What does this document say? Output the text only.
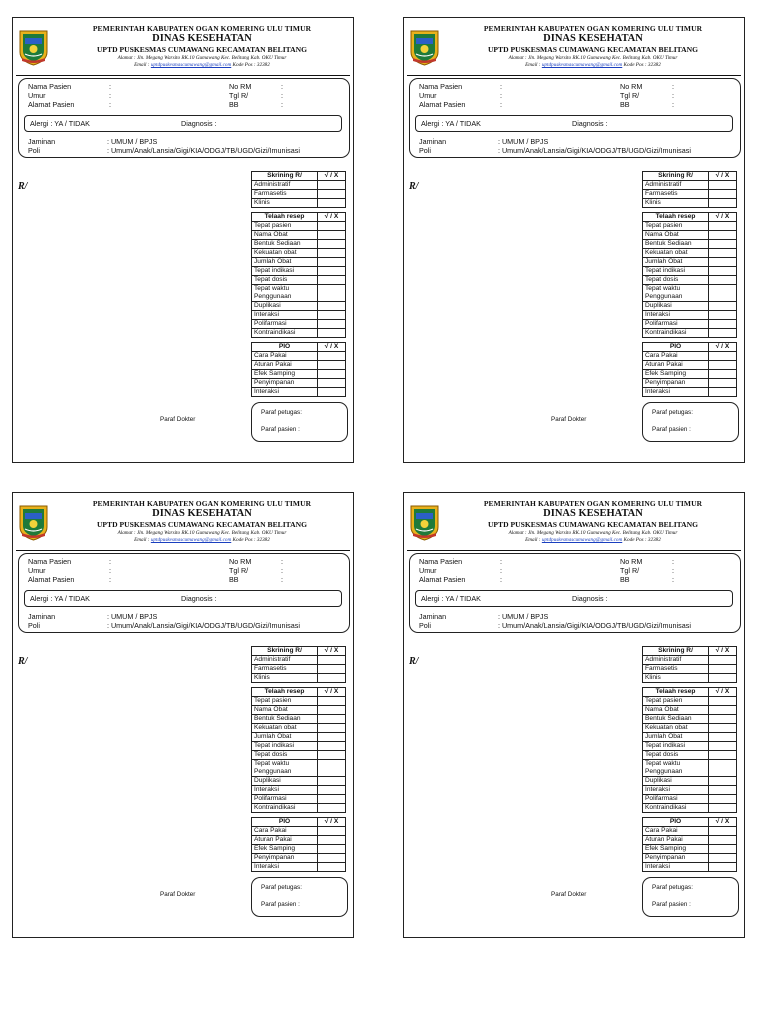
PEMERINTAH KABUPATEN OGAN KOMERING ULU TIMUR
DINAS KESEHATAN
UPTD PUSKESMAS CUMAWANG KECAMATAN BELITANG
Alamat : Jln. Megang Warsito RK.10 Gumawang Kec. Belitang Kab. OKU Timur
Email : uptdpuskesmascumawang@gmail.com Kode Pos : 32382
Nama Pasien	:
Umur	:
Alamat Pasien	:
No RM	:
Tgl R/	:
BB	:
Alergi : YA / TIDAK	Diagnosis :
Jaminan	: UMUM / BPJS
Poli	: Umum/Anak/Lansia/Gigi/KIA/ODGJ/TB/UGD/Gizi/Imunisasi
R/
Skrining R/	√ / X
Administratif	
Farmasetis	
Klinis	
Telaah resep	√ / X
Tepat pasien	
Nama Obat	
Bentuk Sediaan	
Kekuatan obat	
Jumlah Obat	
Tepat indikasi	
Tepat dosis	
Tepat waktu	
Penggunaan	
Duplikasi	
Interaksi	
Polifarmasi	
Kontraindikasi	
PIO	√ / X
Cara Pakai	
Aturan Pakai	
Efek Samping	
Penyimpanan	
Interaksi	
Paraf Dokter
Paraf petugas:
Paraf pasien :
PEMERINTAH KABUPATEN OGAN KOMERING ULU TIMUR
DINAS KESEHATAN
UPTD PUSKESMAS CUMAWANG KECAMATAN BELITANG
Alamat : Jln. Megang Warsito RK.10 Gumawang Kec. Belitang Kab. OKU Timur
Email : uptdpuskesmascumawang@gmail.com Kode Pos : 32382
Nama Pasien	:
Umur	:
Alamat Pasien	:
No RM	:
Tgl R/	:
BB	:
Alergi : YA / TIDAK	Diagnosis :
Jaminan	: UMUM / BPJS
Poli	: Umum/Anak/Lansia/Gigi/KIA/ODGJ/TB/UGD/Gizi/Imunisasi
R/
Skrining R/	√ / X
Administratif	
Farmasetis	
Klinis	
Telaah resep	√ / X
Tepat pasien	
Nama Obat	
Bentuk Sediaan	
Kekuatan obat	
Jumlah Obat	
Tepat indikasi	
Tepat dosis	
Tepat waktu	
Penggunaan	
Duplikasi	
Interaksi	
Polifarmasi	
Kontraindikasi	
PIO	√ / X
Cara Pakai	
Aturan Pakai	
Efek Samping	
Penyimpanan	
Interaksi	
Paraf Dokter
Paraf petugas:
Paraf pasien :
PEMERINTAH KABUPATEN OGAN KOMERING ULU TIMUR
DINAS KESEHATAN
UPTD PUSKESMAS CUMAWANG KECAMATAN BELITANG
Alamat : Jln. Megang Warsito RK.10 Gumawang Kec. Belitang Kab. OKU Timur
Email : uptdpuskesmascumawang@gmail.com Kode Pos : 32382
Nama Pasien	:
Umur	:
Alamat Pasien	:
No RM	:
Tgl R/	:
BB	:
Alergi : YA / TIDAK	Diagnosis :
Jaminan	: UMUM / BPJS
Poli	: Umum/Anak/Lansia/Gigi/KIA/ODGJ/TB/UGD/Gizi/Imunisasi
R/
Skrining R/	√ / X
Administratif	
Farmasetis	
Klinis	
Telaah resep	√ / X
Tepat pasien	
Nama Obat	
Bentuk Sediaan	
Kekuatan obat	
Jumlah Obat	
Tepat indikasi	
Tepat dosis	
Tepat waktu	
Penggunaan	
Duplikasi	
Interaksi	
Polifarmasi	
Kontraindikasi	
PIO	√ / X
Cara Pakai	
Aturan Pakai	
Efek Samping	
Penyimpanan	
Interaksi	
Paraf Dokter
Paraf petugas:
Paraf pasien :
PEMERINTAH KABUPATEN OGAN KOMERING ULU TIMUR
DINAS KESEHATAN
UPTD PUSKESMAS CUMAWANG KECAMATAN BELITANG
Alamat : Jln. Megang Warsito RK.10 Gumawang Kec. Belitang Kab. OKU Timur
Email : uptdpuskesmascumawang@gmail.com Kode Pos : 32382
Nama Pasien	:
Umur	:
Alamat Pasien	:
No RM	:
Tgl R/	:
BB	:
Alergi : YA / TIDAK	Diagnosis :
Jaminan	: UMUM / BPJS
Poli	: Umum/Anak/Lansia/Gigi/KIA/ODGJ/TB/UGD/Gizi/Imunisasi
R/
Skrining R/	√ / X
Administratif	
Farmasetis	
Klinis	
Telaah resep	√ / X
Tepat pasien	
Nama Obat	
Bentuk Sediaan	
Kekuatan obat	
Jumlah Obat	
Tepat indikasi	
Tepat dosis	
Tepat waktu	
Penggunaan	
Duplikasi	
Interaksi	
Polifarmasi	
Kontraindikasi	
PIO	√ / X
Cara Pakai	
Aturan Pakai	
Efek Samping	
Penyimpanan	
Interaksi	
Paraf Dokter
Paraf petugas:
Paraf pasien :
